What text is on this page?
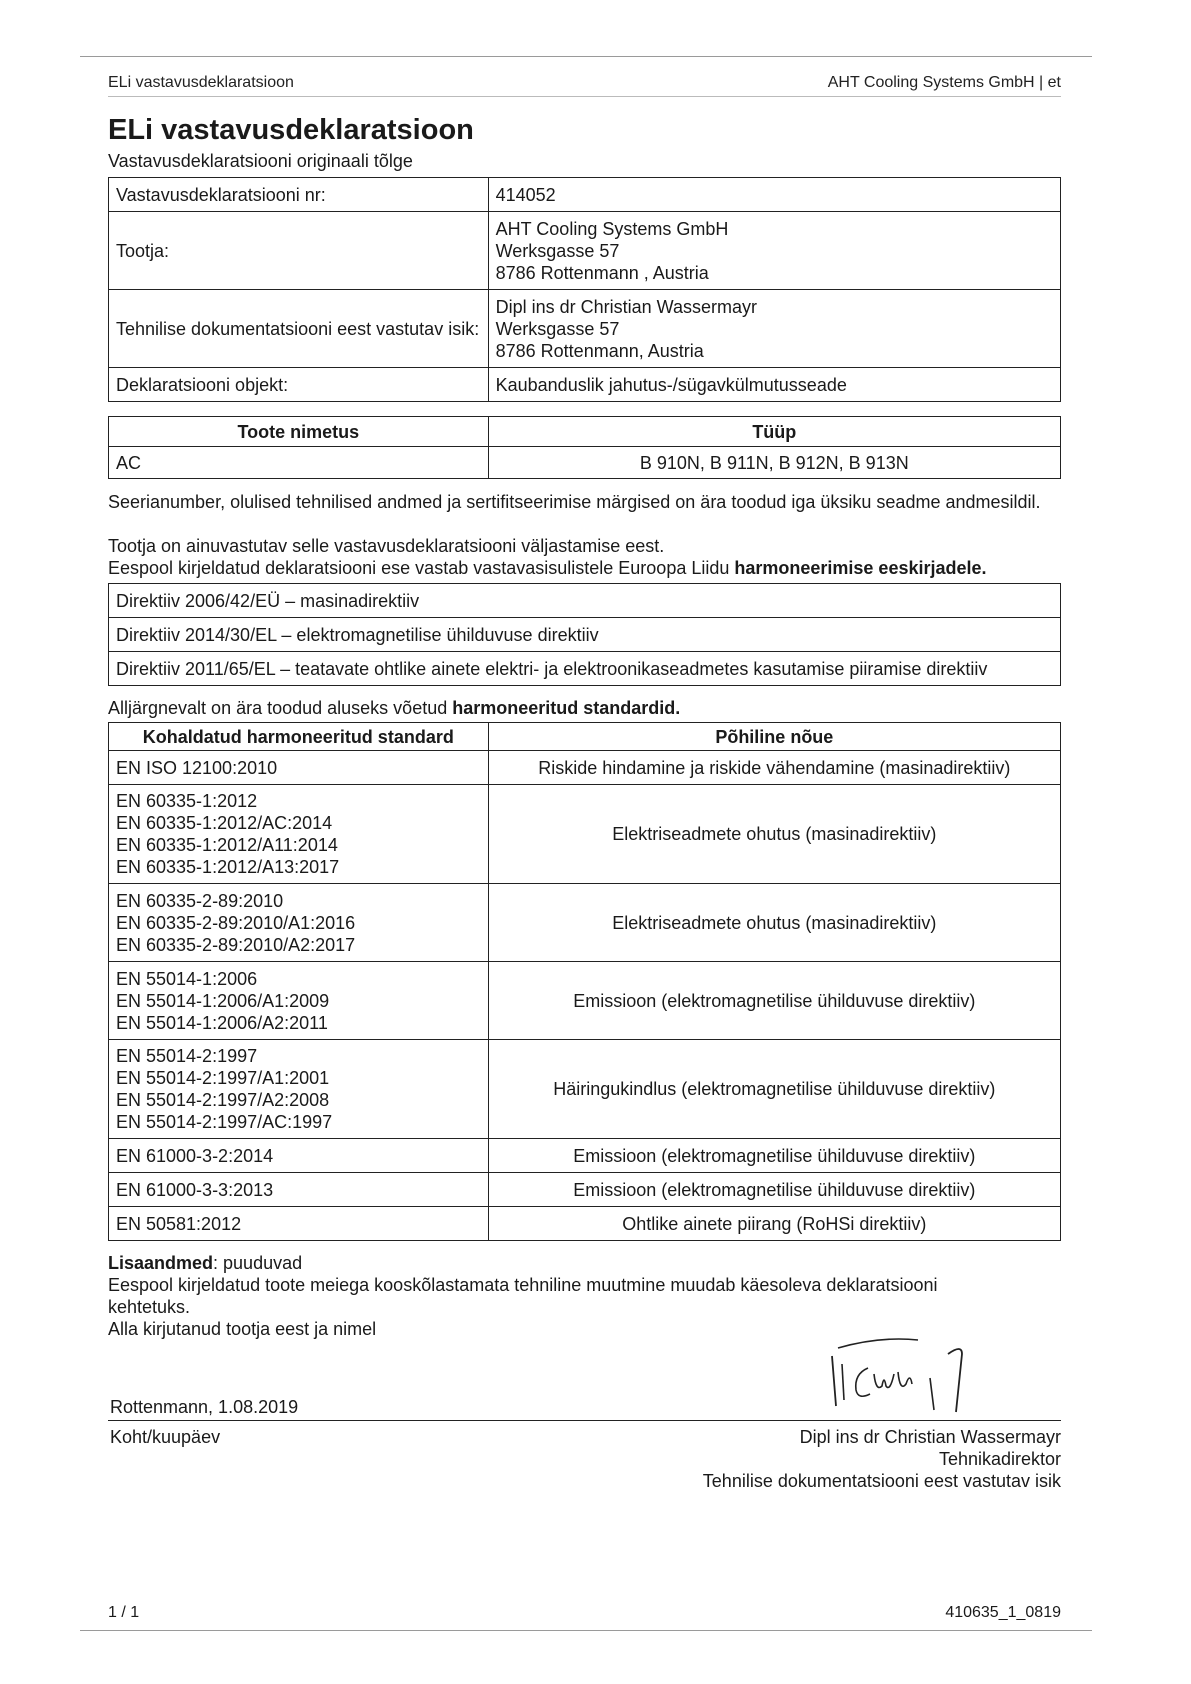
ELi vastavusdeklaratsioon	AHT Cooling Systems GmbH | et
ELi vastavusdeklaratsioon
Vastavusdeklaratsiooni originaali tõlge
Vastavusdeklaratsiooni nr:	414052
Tootja:	AHT Cooling Systems GmbH
Werksgasse 57
8786 Rottenmann , Austria
Tehnilise dokumentatsiooni eest vastutav isik:	Dipl ins dr Christian Wassermayr
Werksgasse 57
8786 Rottenmann, Austria
Deklaratsiooni objekt:	Kaubanduslik jahutus-/sügavkülmutusseade
Toote nimetus	Tüüp
AC	B 910N, B 911N, B 912N, B 913N
Seerianumber, olulised tehnilised andmed ja sertifitseerimise märgised on ära toodud iga üksiku seadme andmesildil.
Tootja on ainuvastutav selle vastavusdeklaratsiooni väljastamise eest.
Eespool kirjeldatud deklaratsiooni ese vastab vastavasisulistele Euroopa Liidu harmoneerimise eeskirjadele.
Direktiiv 2006/42/EÜ – masinadirektiiv
Direktiiv 2014/30/EL – elektromagnetilise ühilduvuse direktiiv
Direktiiv 2011/65/EL – teatavate ohtlike ainete elektri- ja elektroonikaseadmetes kasutamise piiramise direktiiv
Alljärgnevalt on ära toodud aluseks võetud harmoneeritud standardid.
Kohaldatud harmoneeritud standard	Põhiline nõue
EN ISO 12100:2010	Riskide hindamine ja riskide vähendamine (masinadirektiiv)
EN 60335-1:2012
EN 60335-1:2012/AC:2014
EN 60335-1:2012/A11:2014
EN 60335-1:2012/A13:2017	Elektriseadmete ohutus (masinadirektiiv)
EN 60335-2-89:2010
EN 60335-2-89:2010/A1:2016
EN 60335-2-89:2010/A2:2017	Elektriseadmete ohutus (masinadirektiiv)
EN 55014-1:2006
EN 55014-1:2006/A1:2009
EN 55014-1:2006/A2:2011	Emissioon (elektromagnetilise ühilduvuse direktiiv)
EN 55014-2:1997
EN 55014-2:1997/A1:2001
EN 55014-2:1997/A2:2008
EN 55014-2:1997/AC:1997	Häiringukindlus (elektromagnetilise ühilduvuse direktiiv)
EN 61000-3-2:2014	Emissioon (elektromagnetilise ühilduvuse direktiiv)
EN 61000-3-3:2013	Emissioon (elektromagnetilise ühilduvuse direktiiv)
EN 50581:2012	Ohtlike ainete piirang (RoHSi direktiiv)
Lisaandmed: puuduvad
Eespool kirjeldatud toote meiega kooskõlastamata tehniline muutmine muudab käesoleva deklaratsiooni kehtetuks.
Alla kirjutanud tootja eest ja nimel
Rottenmann, 1.08.2019
Koht/kuupäev	Dipl ins dr Christian Wassermayr
Tehnikadirektor
Tehnilise dokumentatsiooni eest vastutav isik
1 / 1	410635_1_0819
